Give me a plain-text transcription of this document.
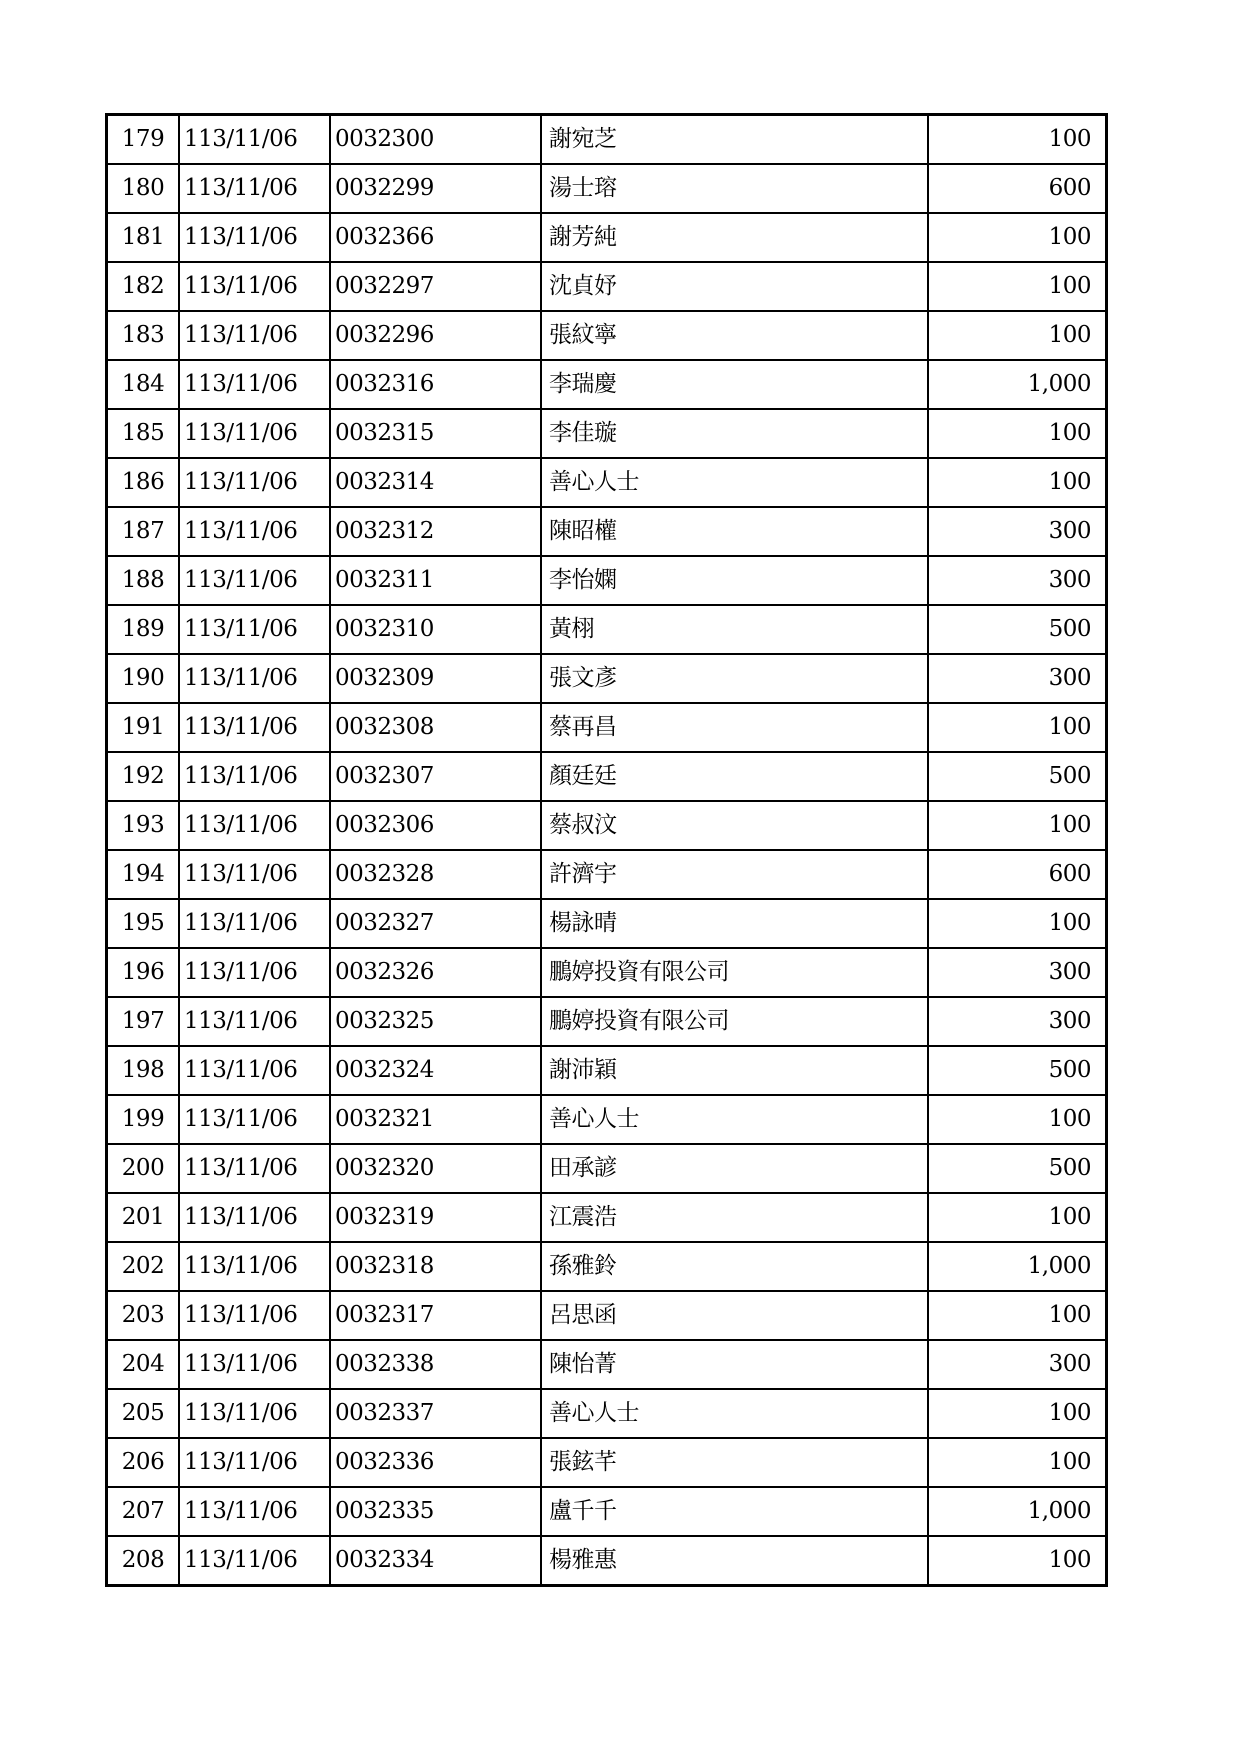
179	113/11/06	0032300	謝宛芝	100
180	113/11/06	0032299	湯士瑢	600
181	113/11/06	0032366	謝芳純	100
182	113/11/06	0032297	沈貞妤	100
183	113/11/06	0032296	張紋寧	100
184	113/11/06	0032316	李瑞慶	1,000
185	113/11/06	0032315	李佳璇	100
186	113/11/06	0032314	善心人士	100
187	113/11/06	0032312	陳昭權	300
188	113/11/06	0032311	李怡嫻	300
189	113/11/06	0032310	黃栩	500
190	113/11/06	0032309	張文彥	300
191	113/11/06	0032308	蔡再昌	100
192	113/11/06	0032307	顏廷廷	500
193	113/11/06	0032306	蔡叔汶	100
194	113/11/06	0032328	許濟宇	600
195	113/11/06	0032327	楊詠晴	100
196	113/11/06	0032326	鵬婷投資有限公司	300
197	113/11/06	0032325	鵬婷投資有限公司	300
198	113/11/06	0032324	謝沛穎	500
199	113/11/06	0032321	善心人士	100
200	113/11/06	0032320	田承諺	500
201	113/11/06	0032319	江震浩	100
202	113/11/06	0032318	孫雅鈴	1,000
203	113/11/06	0032317	呂思函	100
204	113/11/06	0032338	陳怡菁	300
205	113/11/06	0032337	善心人士	100
206	113/11/06	0032336	張鉉芊	100
207	113/11/06	0032335	盧千千	1,000
208	113/11/06	0032334	楊雅惠	100
